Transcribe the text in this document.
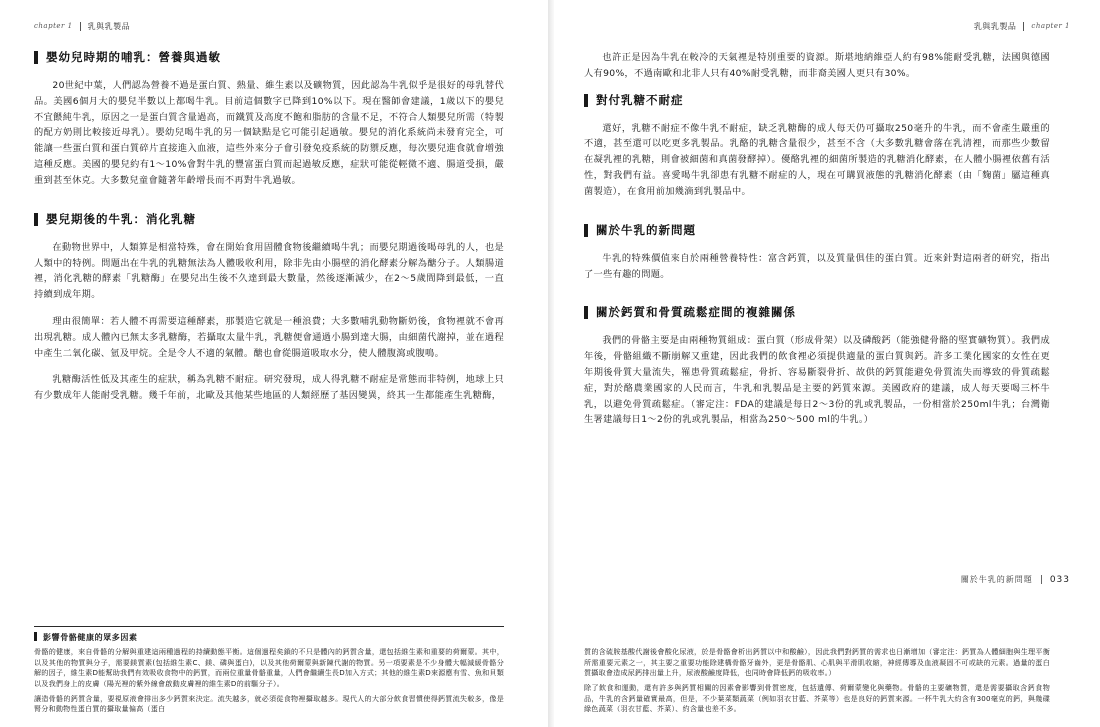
chapter 1 乳與乳製品
嬰幼兒時期的哺乳：營養與過敏

20世紀中葉，人們認為營養不過是蛋白質、熱量、維生素以及礦物質，因此認為牛乳似乎是很好的母乳替代品。美國6個月大的嬰兒半數以上都喝牛乳。目前這個數字已降到10%以下。現在醫師會建議，1歲以下的嬰兒不宜餵純牛乳，原因之一是蛋白質含量過高，而鐵質及高度不飽和脂肪的含量不足，不符合人類嬰兒所需（特製的配方奶則比較接近母乳）。嬰幼兒喝牛乳的另一個缺點是它可能引起過敏。嬰兒的消化系統尚未發育完全，可能讓一些蛋白質和蛋白質碎片直接進入血液，這些外來分子會引發免疫系統的防禦反應，每次嬰兒進食就會增強這種反應。美國的嬰兒約有1～10%會對牛乳的豐富蛋白質而起過敏反應，症狀可能從輕微不適、腸道受損，嚴重到甚至休克。大多數兒童會隨著年齡增長而不再對牛乳過敏。

嬰兒期後的牛乳：消化乳糖

在動物世界中，人類算是相當特殊，會在開始食用固體食物後繼續喝牛乳；而嬰兒期過後喝母乳的人，也是人類中的特例。問題出在牛乳的乳糖無法為人體吸收利用，除非先由小腸壁的消化酵素分解為醣分子。人類腸道裡，消化乳糖的酵素「乳糖酶」在嬰兒出生後不久達到最大數量，然後逐漸減少，在2～5歲間降到最低，一直持續到成年期。

理由很簡單：若人體不再需要這種酵素，那製造它就是一種浪費；大多數哺乳動物斷奶後，食物裡就不會再出現乳糖。成人體內已無太多乳糖酶，若攝取太量牛乳，乳糖便會通過小腸到達大腸，由細菌代謝掉，並在過程中產生二氧化碳、氫及甲烷。全是令人不適的氣體。醣也會從腸道吸取水分，使人體腹瀉或腹鳴。

乳糖酶活性低及其產生的症狀，稱為乳糖不耐症。研究發現，成人得乳糖不耐症是常態而非特例，地球上只有少數成年人能耐受乳糖。幾千年前，北歐及其他某些地區的人類經歷了基因變異，終其一生都能產生乳糖酶，

影響骨骼健康的眾多因素

骨骼的健康，來自骨骼的分解與重建這兩種過程的持續動態平衡。這個過程矣鎖的不只是體內的鈣質含量，還包括維生素和重要的荷爾蒙。其中，以及其他的物質與分子，需要鎂質素(包括維生素C、鎂、磷與蛋白)，以及其他荷爾蒙與新陳代謝的物質。另一項要素是不少身體大幅減緩骨骼分解的因子，維生素D能幫助我們有效吸收食物中的鈣質，而兩位重量骨骼重量，人們會繼續生長D加入方式；其他的維生素D來源應有雪、魚和貝類以及我們身上的皮膚（陽光裡的紫外線會啟動皮膚裡的維生素D的前驅分子）。

讓造骨骼的鈣質含量，要視原液會排出多少鈣質來決定。流失越多，就必須從食物裡攝取越多。現代人的大部分飲食習慣使得鈣質流失較多，像是腎分和動物性蛋白質的攝取量偏高（蛋白

乳與乳製品 chapter 1

也許正是因為牛乳在較冷的天氣裡是特別重要的資源。斯堪地納維亞人約有98%能耐受乳糖，法國與德國人有90%，不過南歐和北非人只有40%耐受乳糖，而非裔美國人更只有30%。

對付乳糖不耐症

還好，乳糖不耐症不像牛乳不耐症，缺乏乳糖酶的成人每天仍可攝取250毫升的牛乳，而不會產生嚴重的不適，甚至還可以吃更多乳製品。乳酪的乳糖含量很少，甚至不含（大多數乳糖會落在乳清裡，而那些少數留在凝乳裡的乳糖，則會被細菌和真菌發酵掉）。優酪乳裡的細菌所製造的乳糖消化酵素，在人體小腸裡依舊有活性，對我們有益。喜愛喝牛乳卻患有乳糖不耐症的人，現在可購買液態的乳糖消化酵素（由「麴菌」屬這種真菌製造），在食用前加幾滴到乳製品中。

關於牛乳的新問題

牛乳的特殊價值來自於兩種營養特性：富含鈣質，以及質量俱佳的蛋白質。近來針對這兩者的研究，指出了一些有趣的問題。

關於鈣質和骨質疏鬆症間的複雜關係

我們的骨骼主要是由兩種物質組成：蛋白質（形成骨架）以及磷酸鈣（能強健骨骼的堅實礦物質）。我們成年後，骨骼組織不斷崩解又重建，因此我們的飲食裡必須提供適量的蛋白質與鈣。許多工業化國家的女性在更年期後骨質大量流失，罹患骨質疏鬆症，骨折、容易斷裂骨折、故供的鈣質能避免骨質流失而導致的骨質疏鬆症，對於酪農業國家的人民而言，牛乳和乳製品是主要的鈣質來源。美國政府的建議，成人每天要喝三杯牛乳，以避免骨質疏鬆症。（審定注：FDA的建議是每日2～3份的乳或乳製品，一份相當於250ml牛乳；台灣衛生署建議每日1～2份的乳或乳製品，相當為250～500 ml的牛乳。）

關於牛乳的新問題 033

質的含硫胺基酸代謝後會酸化尿液，於是骨骼會析出鈣質以中和酸鹼），因此我們對鈣質的需求也日漸增加（審定注：鈣質為人體細胞與生理平衡所需重要元素之一，其主要之重要功能除建構骨骼牙齒外，更是骨骼肌、心肌與平滑肌收縮，神經傳導及血液凝固不可或缺的元素。過量的蛋白質攝取會造成尿鈣排出量上升，尿液酸鹼度降低，也同時會降低鈣的吸收率。）

除了飲食和運動，還有許多與鈣質相關的因素會影響到骨質密度，包括遺傳、荷爾蒙變化與藥物。骨骼的主要礦物質，還是需要攝取含鈣食物品，牛乳的含鈣量確實最高，但是，不少葉菜類蔬菜（例如羽衣甘藍、芥菜等）也是良好的鈣質來源。一杯牛乳大約含有300毫克的鈣，與幾碟綠色蔬菜（羽衣甘藍、芥菜）、約含量也差不多。
